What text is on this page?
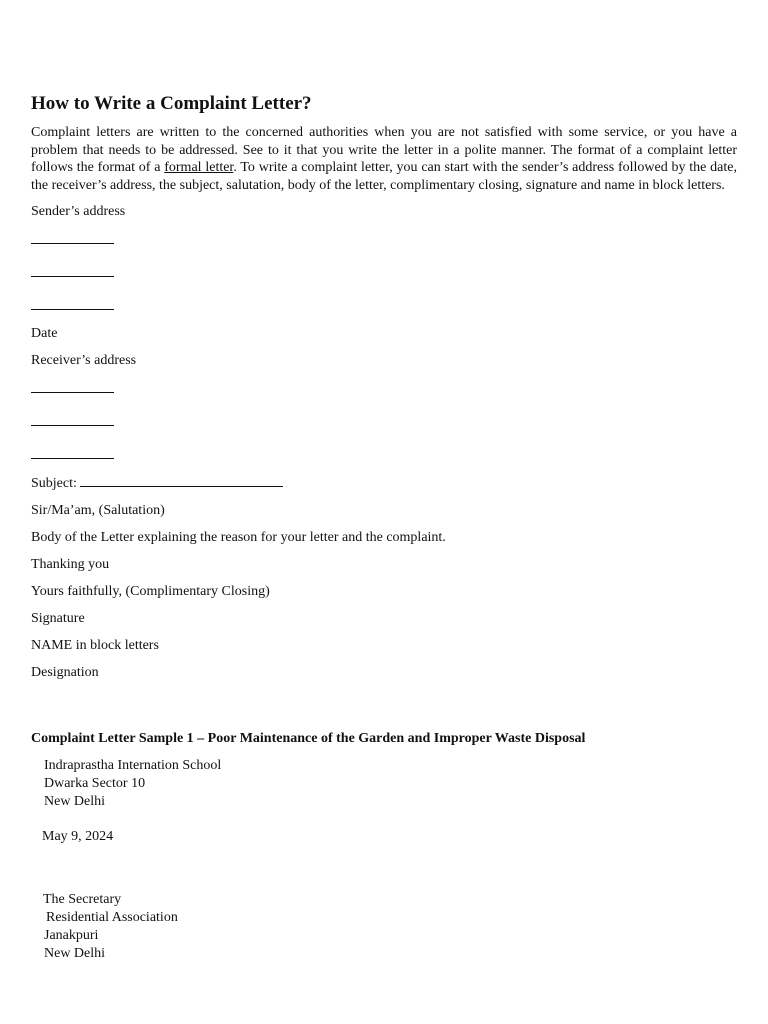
How to Write a Complaint Letter?

Complaint letters are written to the concerned authorities when you are not satisfied with some service, or you have a problem that needs to be addressed. See to it that you write the letter in a polite manner. The format of a complaint letter follows the format of a formal letter. To write a complaint letter, you can start with the sender’s address followed by the date, the receiver’s address, the subject, salutation, body of the letter, complimentary closing, signature and name in block letters.

Sender’s address

Date

Receiver’s address

Subject:

Sir/Ma’am, (Salutation)

Body of the Letter explaining the reason for your letter and the complaint.

Thanking you

Yours faithfully, (Complimentary Closing)

Signature

NAME in block letters

Designation

Complaint Letter Sample 1 – Poor Maintenance of the Garden and Improper Waste Disposal

Indraprastha Internation School

Dwarka Sector 10

New Delhi

May 9, 2024

The Secretary

Residential Association

Janakpuri

New Delhi
